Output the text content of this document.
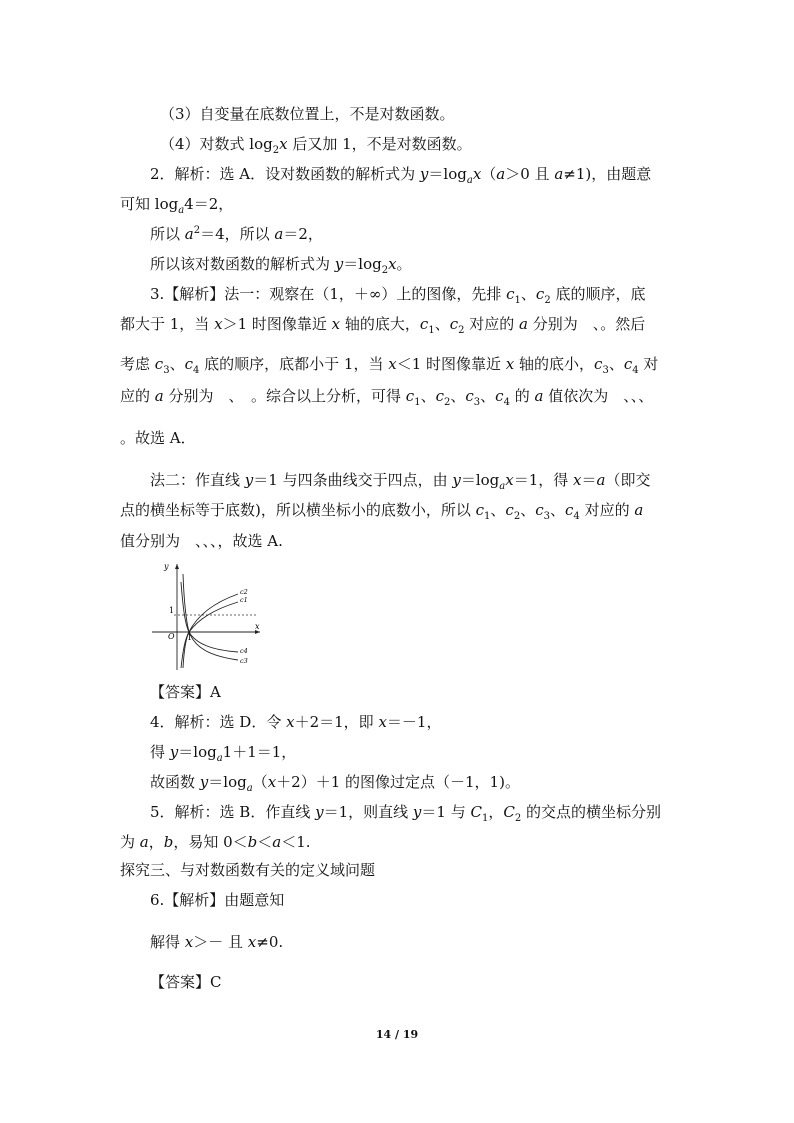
（3）自变量在底数位置上，不是对数函数。
（4）对数式 $\log_2x$ 后又加 1，不是对数函数。
2．解析：选 A．设对数函数的解析式为 $y=\log_ax(a>0$ 且 a≠1)，由题意
可知 $\log_a4=2$，
所以 $a^2=4$，所以 a＝2，
所以该对数函数的解析式为 $y=\log_2x$。
3.【解析】法一：观察在（1，＋∞）上的图像，先排 $c_1$、$c_2$ 底的顺序，底
都大于 1，当 x＞1 时图像靠近 x 轴的底大，$c_1$、$c_2$ 对应的 a 分别为　、。然后
考虑 $c_3$、$c_4$ 底的顺序，底都小于 1，当 x＜1 时图像靠近 x 轴的底小，$c_3$、$c_4$ 对
应的 a 分别为　、　。综合以上分析，可得 $c_1$、$c_2$、$c_3$、$c_4$ 的 a 值依次为　、、、
。故选 A．
法二：作直线 y＝1 与四条曲线交于四点，由 $y=\log_ax=1$，得 x＝a（即交
点的横坐标等于底数)，所以横坐标小的底数小，所以 $c_1$、$c_2$、$c_3$、$c_4$ 对应的 a
值分别为　、、、，故选 A.
【答案】A
4．解析：选 D．令 x＋2＝1，即 x＝－1，
得 $y=\log_a1+1=1$，
故函数 $y=\log_a(x+2)+1$ 的图像过定点（－1，1)。
5．解析：选 B．作直线 y＝1，则直线 y＝1 与 $C_1$，$C_2$ 的交点的横坐标分别
为 a，b，易知 0＜b＜a＜1.
探究三、与对数函数有关的定义域问题
6.【解析】由题意知
解得 x＞－ 且 x≠0.
【答案】C
y
x
O
1
1
c2
c1
c4
c3
14 / 19
